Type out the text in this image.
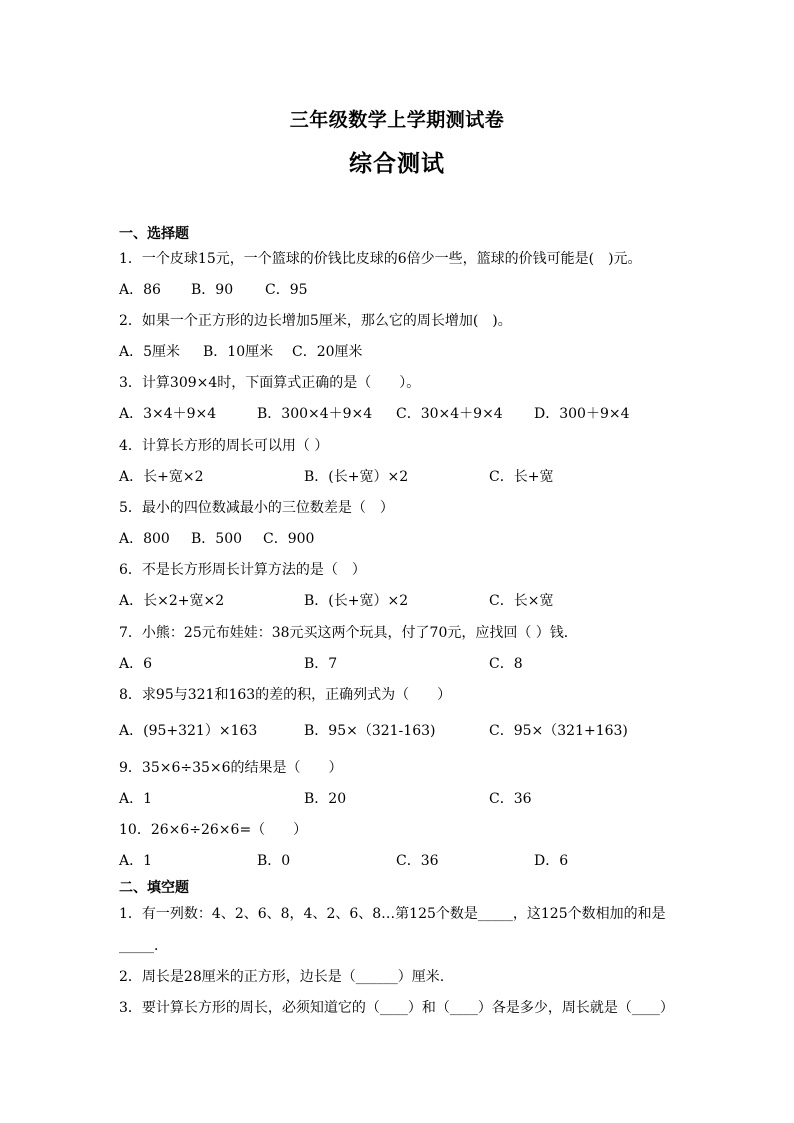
三年级数学上学期测试卷
综合测试
一、选择题
1．一个皮球15元，一个篮球的价钱比皮球的6倍少一些，篮球的价钱可能是(　)元。
A．86 B．90 C．95
2．如果一个正方形的边长增加5厘米，那么它的周长增加(　)。
A．5厘米 B．10厘米 C．20厘米
3．计算309×4时，下面算式正确的是（　　）。
A．3×4＋9×4	B．300×4＋9×4 C．30×4＋9×4 D．300＋9×4
4．计算长方形的周长可以用（ ）
A．长+宽×2	B．(长+宽）×2	C．长+宽
5．最小的四位数减最小的三位数差是（　）
A．800 B．500 C．900
6．不是长方形周长计算方法的是（　）
A．长×2+宽×2	B．(长+宽）×2	C．长×宽
7．小熊：25元布娃娃：38元买这两个玩具，付了70元，应找回（ ）钱．
A．6	B．7	C．8
8．求95与321和163的差的积，正确列式为（　　）
A．(95+321）×163	B．95×（321-163)	C．95×（321+163)
9．35×6÷35×6的结果是（　　）
A．1	B．20	C．36
10．26×6÷26×6=（　　）
A．1	B．0	C．36	D．6
二、填空题
1．有一列数：4、2、6、8，4、2、6、8…第125个数是_____，这125个数相加的和是
_____．
2．周长是28厘米的正方形，边长是（______）厘米.
3．要计算长方形的周长，必须知道它的（____）和（____）各是多少，周长就是（____）
